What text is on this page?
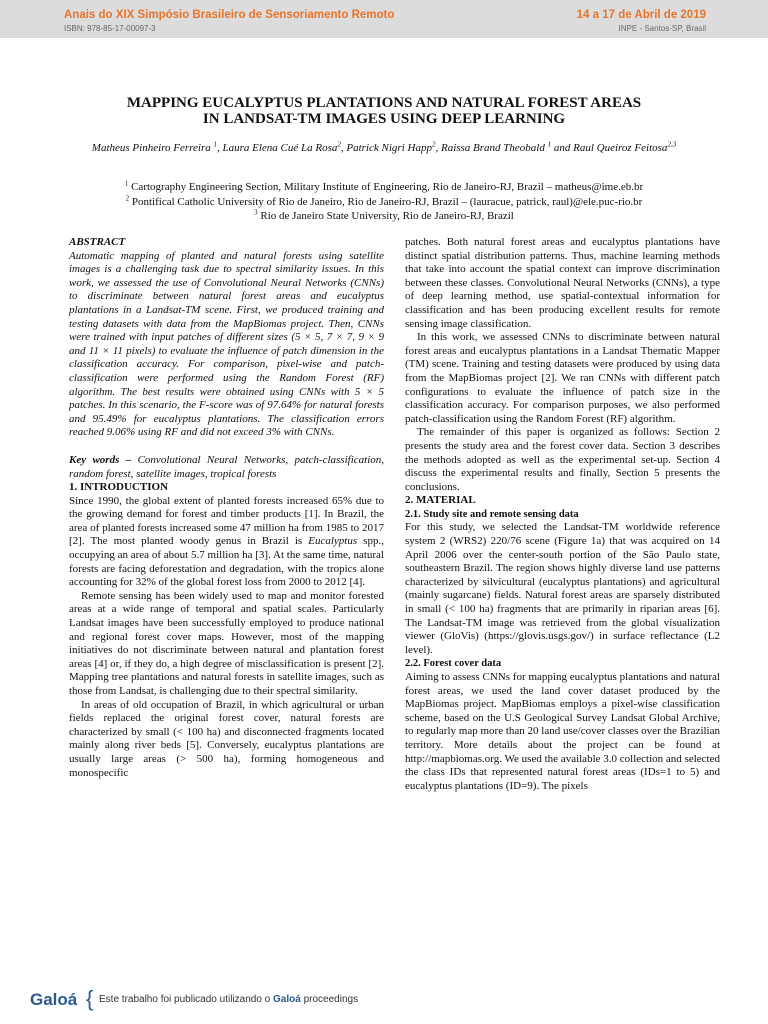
Anais do XIX Simpósio Brasileiro de Sensoriamento Remoto
ISBN: 978-85-17-00097-3
14 a 17 de Abril de 2019
INPE - Santos-SP, Brasil
MAPPING EUCALYPTUS PLANTATIONS AND NATURAL FOREST AREAS
IN LANDSAT-TM IMAGES USING DEEP LEARNING
Matheus Pinheiro Ferreira $^1$, Laura Elena Cué La Rosa$^2$, Patrick Nigri Happ$^2$, Raissa Brand Theobald $^1$ and Raul Queiroz Feitosa$^{2,3}$
$^1$ Cartography Engineering Section, Military Institute of Engineering, Rio de Janeiro-RJ, Brazil – matheus@ime.eb.br
$^2$ Pontifical Catholic University of Rio de Janeiro, Rio de Janeiro-RJ, Brazil – (lauracue, patrick, raul)@ele.puc-rio.br
$^3$ Rio de Janeiro State University, Rio de Janeiro-RJ, Brazil

ABSTRACT

Automatic mapping of planted and natural forests using satellite images is a challenging task due to spectral similarity issues. In this work, we assessed the use of Convolutional Neural Networks (CNNs) to discriminate between natural forest areas and eucalyptus plantations in a Landsat-TM scene. First, we produced training and testing datasets with data from the MapBiomas project. Then, CNNs were trained with input patches of different sizes (5 × 5, 7 × 7, 9 × 9 and 11 × 11 pixels) to evaluate the influence of patch dimension in the classification accuracy. For comparison, pixel-wise and patch-classification were performed using the Random Forest (RF) algorithm. The best results were obtained using CNNs with 5 × 5 patches. In this scenario, the F-score was of 97.64% for natural forests and 95.49% for eucalyptus plantations. The classification errors reached 9.06% using RF and did not exceed 3% with CNNs.

Key words – Convolutional Neural Networks, patch-classification, random forest, satellite images, tropical forests

1. INTRODUCTION

Since 1990, the global extent of planted forests increased 65% due to the growing demand for forest and timber products [1]. In Brazil, the area of planted forests increased some 47 million ha from 1985 to 2017 [2]. The most planted woody genus in Brazil is Eucalyptus spp., occupying an area of about 5.7 million ha [3]. At the same time, natural forests are facing deforestation and degradation, with the tropics alone accounting for 32% of the global forest loss from 2000 to 2012 [4].

Remote sensing has been widely used to map and monitor forested areas at a wide range of temporal and spatial scales. Particularly Landsat images have been successfully employed to produce national and regional forest cover maps. However, most of the mapping initiatives do not discriminate between natural and plantation forest areas [4] or, if they do, a high degree of misclassification is present [2]. Mapping tree plantations and natural forests in satellite images, such as those from Landsat, is challenging due to their spectral similarity.

In areas of old occupation of Brazil, in which agricultural or urban fields replaced the original forest cover, natural forests are characterized by small (< 100 ha) and disconnected fragments located mainly along river beds [5]. Conversely, eucalyptus plantations are usually large areas (> 500 ha), forming homogeneous and monospecific

patches. Both natural forest areas and eucalyptus plantations have distinct spatial distribution patterns. Thus, machine learning methods that take into account the spatial context can improve discrimination between these classes. Convolutional Neural Networks (CNNs), a type of deep learning method, use spatial-contextual information for classification and has been producing excellent results for remote sensing image classification.

In this work, we assessed CNNs to discriminate between natural forest areas and eucalyptus plantations in a Landsat Thematic Mapper (TM) scene. Training and testing datasets were produced by using data from the MapBiomas project [2]. We ran CNNs with different patch configurations to evaluate the influence of patch size in the classification accuracy. For comparison purposes, we also performed patch-classification using the Random Forest (RF) algorithm.

The remainder of this paper is organized as follows: Section 2 presents the study area and the forest cover data. Section 3 describes the methods adopted as well as the experimental set-up. Section 4 discuss the experimental results and finally, Section 5 presents the conclusions.

2. MATERIAL

2.1. Study site and remote sensing data

For this study, we selected the Landsat-TM worldwide reference system 2 (WRS2) 220/76 scene (Figure 1a) that was acquired on 14 April 2006 over the center-south portion of the São Paulo state, southeastern Brazil. The region shows highly diverse land use patterns characterized by silvicultural (eucalyptus plantations) and agricultural (mainly sugarcane) fields. Natural forest areas are sparsely distributed in small (< 100 ha) fragments that are primarily in riparian areas [6]. The Landsat-TM image was retrieved from the global visualization viewer (GloVis) (https://glovis.usgs.gov/) in surface reflectance (L2 level).

2.2. Forest cover data

Aiming to assess CNNs for mapping eucalyptus plantations and natural forest areas, we used the land cover dataset produced by the MapBiomas project. MapBiomas employs a pixel-wise classification scheme, based on the U.S Geological Survey Landsat Global Archive, to regularly map more than 20 land use/cover classes over the Brazilian territory. More details about the project can be found at http://mapbiomas.org. We used the available 3.0 collection and selected the class IDs that represented natural forest areas (IDs=1 to 5) and eucalyptus plantations (ID=9). The pixels

Galoá { Este trabalho foi publicado utilizando o Galoá proceedings
